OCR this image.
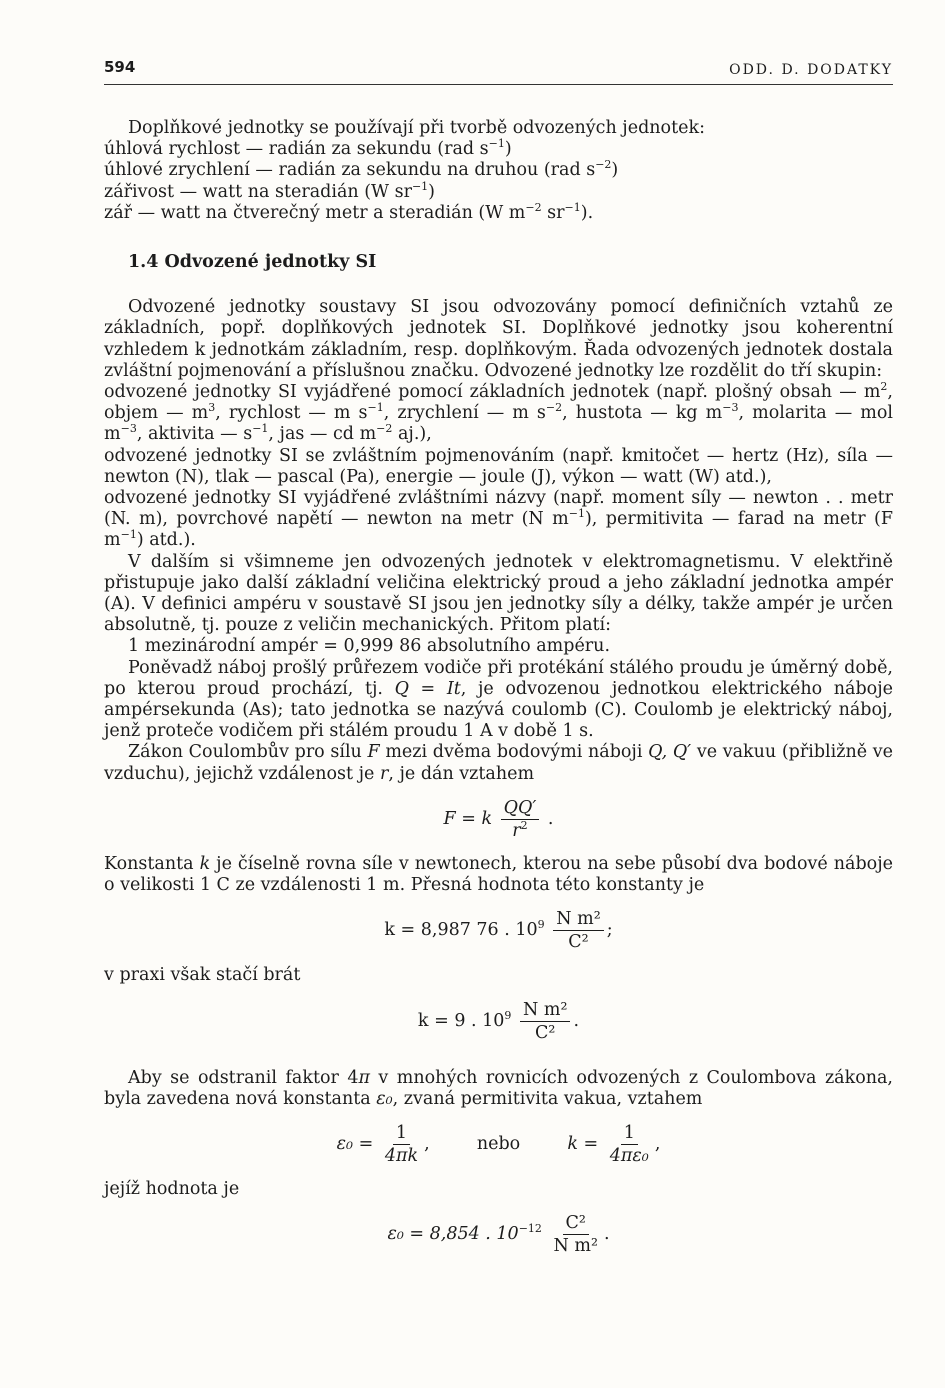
594	ODD. D. DODATKY

Doplňkové jednotky se používají při tvorbě odvozených jednotek:

úhlová rychlost — radián za sekundu (rad $s^{-1}$)

úhlové zrychlení — radián za sekundu na druhou (rad $s^{-2}$)

zářivost — watt na steradián (W $sr^{-1}$)

zář — watt na čtverečný metr a steradián (W $m^{-2}$ $sr^{-1}$).

1.4 Odvozené jednotky SI

Odvozené jednotky soustavy SI jsou odvozovány pomocí definičních vztahů ze základních, popř. doplňkových jednotek SI. Doplňkové jednotky jsou koherentní vzhledem k jednotkám základním, resp. doplňkovým. Řada odvozených jednotek dostala zvláštní pojmenování a příslušnou značku. Odvozené jednotky lze rozdělit do tří skupin:

odvozené jednotky SI vyjádřené pomocí základních jednotek (např. plošný obsah — $m^2$, objem — $m^3$, rychlost — m $s^{-1}$, zrychlení — m $s^{-2}$, hustota — kg $m^{-3}$, molarita — mol $m^{-3}$, aktivita — $s^{-1}$, jas — cd $m^{-2}$ aj.),

odvozené jednotky SI se zvláštním pojmenováním (např. kmitočet — hertz (Hz), síla — newton (N), tlak — pascal (Pa), energie — joule (J), výkon — watt (W) atd.),

odvozené jednotky SI vyjádřené zvláštními názvy (např. moment síly — newton . . metr (N. m), povrchové napětí — newton na metr (N $m^{-1}$), permitivita — farad na metr (F $m^{-1}$) atd.).

V dalším si všimneme jen odvozených jednotek v elektromagnetismu. V elektřině přistupuje jako další základní veličina elektrický proud a jeho základní jednotka ampér (A). V definici ampéru v soustavě SI jsou jen jednotky síly a délky, takže ampér je určen absolutně, tj. pouze z veličin mechanických. Přitom platí:

1 mezinárodní ampér = 0,999 86 absolutního ampéru.

Poněvadž náboj prošlý průřezem vodiče při protékání stálého proudu je úměrný době, po kterou proud prochází, tj. Q = It, je odvozenou jednotkou elektrického náboje ampérsekunda (As); tato jednotka se nazývá coulomb (C). Coulomb je elektrický náboj, jenž proteče vodičem při stálém proudu 1 A v době 1 s.

Zákon Coulombův pro sílu F mezi dvěma bodovými náboji Q, Q′ ve vakuu (přibližně ve vzduchu), jejichž vzdálenost je r, je dán vztahem

F = k $\frac{QQ'}{r^2}$ .

Konstanta k je číselně rovna síle v newtonech, kterou na sebe působí dva bodové náboje o velikosti 1 C ze vzdálenosti 1 m. Přesná hodnota této konstanty je

k = 8,987 76 . $10^9 \frac{\text{N m²}}{\text{C²}}$ ;

v praxi však stačí brát

k = 9 . $10^9 \frac{\text{N m²}}{\text{C²}}$ .

Aby se odstranil faktor 4π v mnohých rovnicích odvozených z Coulombova zákona, byla zavedena nová konstanta ε₀, zvaná permitivita vakua, vztahem

$\varepsilon_0 = \frac{1}{4\pi k}$ ,	nebo	$k = \frac{1}{\text{4πε₀}}$ ,

jejíž hodnota je

ε₀ = 8,854 . $10^{-12} \frac{\text{C²}}{\text{N m²}}$ .
